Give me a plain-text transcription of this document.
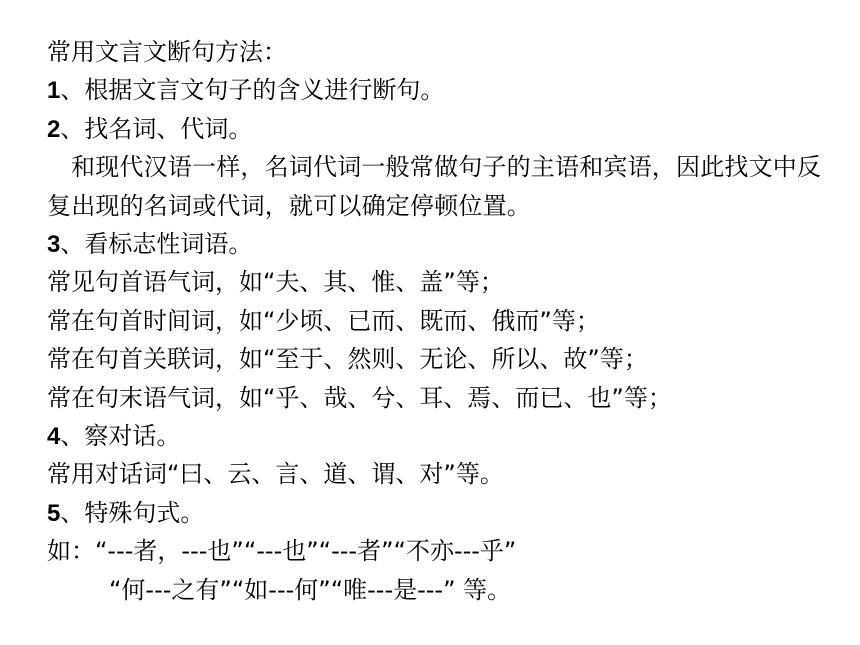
常用文言文断句方法：
1、根据文言文句子的含义进行断句。
2、找名词、代词。
和现代汉语一样，名词代词一般常做句子的主语和宾语，因此找文中反复出现的名词或代词，就可以确定停顿位置。
3、看标志性词语。
常见句首语气词，如“夫、其、惟、盖”等；
常在句首时间词，如“少顷、已而、既而、俄而”等；
常在句首关联词，如“至于、然则、无论、所以、故”等；
常在句末语气词，如“乎、哉、兮、耳、焉、而已、也”等；
4、察对话。
常用对话词“曰、云、言、道、谓、对”等。
5、特殊句式。
如：“---者，---也”“---也”“---者”“不亦---乎”
“何---之有”“如---何”“唯---是---” 等。
